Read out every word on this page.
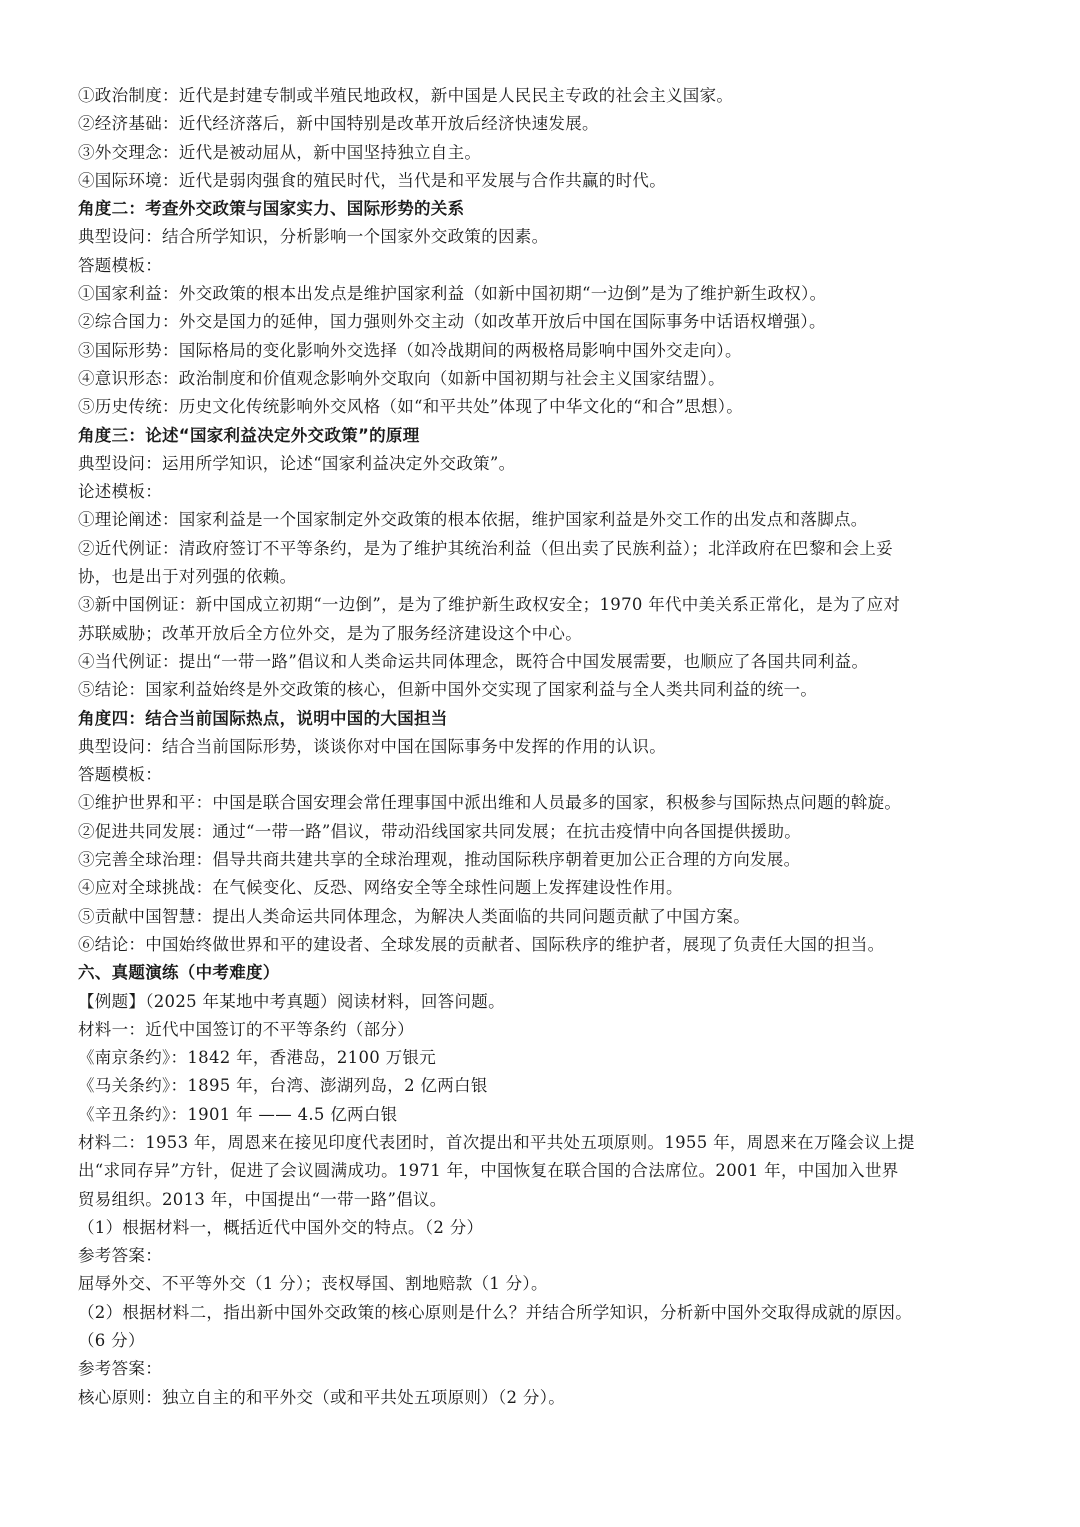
①政治制度：近代是封建专制或半殖民地政权，新中国是人民民主专政的社会主义国家。
②经济基础：近代经济落后，新中国特别是改革开放后经济快速发展。
③外交理念：近代是被动屈从，新中国坚持独立自主。
④国际环境：近代是弱肉强食的殖民时代，当代是和平发展与合作共赢的时代。
角度二：考查外交政策与国家实力、国际形势的关系
典型设问：结合所学知识，分析影响一个国家外交政策的因素。
答题模板：
①国家利益：外交政策的根本出发点是维护国家利益（如新中国初期“一边倒”是为了维护新生政权）。
②综合国力：外交是国力的延伸，国力强则外交主动（如改革开放后中国在国际事务中话语权增强）。
③国际形势：国际格局的变化影响外交选择（如冷战期间的两极格局影响中国外交走向）。
④意识形态：政治制度和价值观念影响外交取向（如新中国初期与社会主义国家结盟）。
⑤历史传统：历史文化传统影响外交风格（如“和平共处”体现了中华文化的“和合”思想）。
角度三：论述“国家利益决定外交政策”的原理
典型设问：运用所学知识，论述“国家利益决定外交政策”。
论述模板：
①理论阐述：国家利益是一个国家制定外交政策的根本依据，维护国家利益是外交工作的出发点和落脚点。
②近代例证：清政府签订不平等条约，是为了维护其统治利益（但出卖了民族利益）；北洋政府在巴黎和会上妥
协，也是出于对列强的依赖。
③新中国例证：新中国成立初期“一边倒”，是为了维护新生政权安全；1970 年代中美关系正常化，是为了应对
苏联威胁；改革开放后全方位外交，是为了服务经济建设这个中心。
④当代例证：提出“一带一路”倡议和人类命运共同体理念，既符合中国发展需要，也顺应了各国共同利益。
⑤结论：国家利益始终是外交政策的核心，但新中国外交实现了国家利益与全人类共同利益的统一。
角度四：结合当前国际热点，说明中国的大国担当
典型设问：结合当前国际形势，谈谈你对中国在国际事务中发挥的作用的认识。
答题模板：
①维护世界和平：中国是联合国安理会常任理事国中派出维和人员最多的国家，积极参与国际热点问题的斡旋。
②促进共同发展：通过“一带一路”倡议，带动沿线国家共同发展；在抗击疫情中向各国提供援助。
③完善全球治理：倡导共商共建共享的全球治理观，推动国际秩序朝着更加公正合理的方向发展。
④应对全球挑战：在气候变化、反恐、网络安全等全球性问题上发挥建设性作用。
⑤贡献中国智慧：提出人类命运共同体理念，为解决人类面临的共同问题贡献了中国方案。
⑥结论：中国始终做世界和平的建设者、全球发展的贡献者、国际秩序的维护者，展现了负责任大国的担当。
六、真题演练（中考难度）
【例题】（2025 年某地中考真题）阅读材料，回答问题。
材料一：近代中国签订的不平等条约（部分）
《南京条约》：1842 年，香港岛，2100 万银元
《马关条约》：1895 年，台湾、澎湖列岛，2 亿两白银
《辛丑条约》：1901 年 —— 4.5 亿两白银
材料二：1953 年，周恩来在接见印度代表团时，首次提出和平共处五项原则。1955 年，周恩来在万隆会议上提
出“求同存异”方针，促进了会议圆满成功。1971 年，中国恢复在联合国的合法席位。2001 年，中国加入世界
贸易组织。2013 年，中国提出“一带一路”倡议。
（1）根据材料一，概括近代中国外交的特点。（2 分）
参考答案：
屈辱外交、不平等外交（1 分）；丧权辱国、割地赔款（1 分）。
（2）根据材料二，指出新中国外交政策的核心原则是什么？并结合所学知识，分析新中国外交取得成就的原因。
（6 分）
参考答案：
核心原则：独立自主的和平外交（或和平共处五项原则）（2 分）。
